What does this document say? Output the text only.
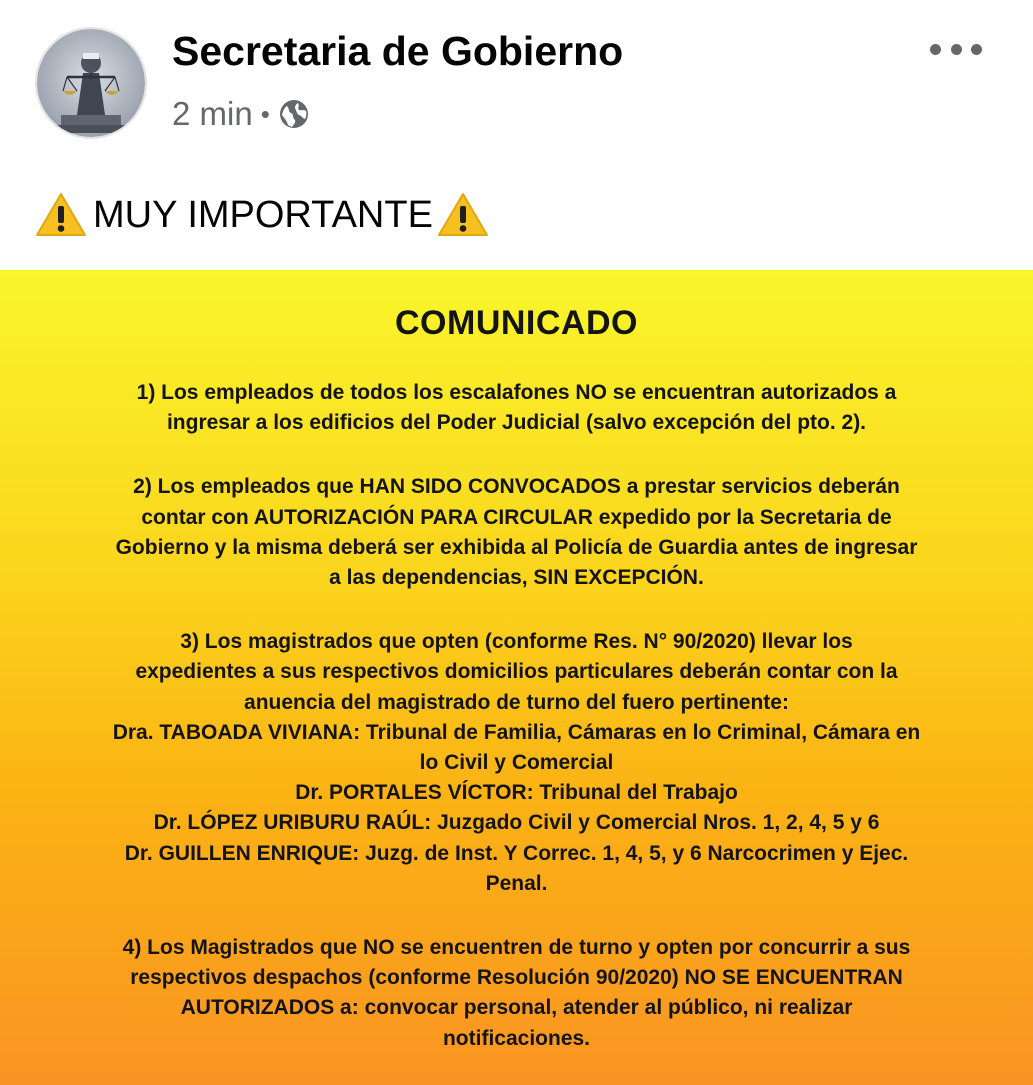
Secretaria de Gobierno
2 min •
MUY IMPORTANTE
COMUNICADO

1) Los empleados de todos los escalafones NO se encuentran autorizados a

ingresar a los edificios del Poder Judicial (salvo excepción del pto. 2).

2) Los empleados que HAN SIDO CONVOCADOS a prestar servicios deberán

contar con AUTORIZACIÓN PARA CIRCULAR expedido por la Secretaria de

Gobierno y la misma deberá ser exhibida al Policía de Guardia antes de ingresar

a las dependencias, SIN EXCEPCIÓN.

3) Los magistrados que opten (conforme Res. N° 90/2020) llevar los

expedientes a sus respectivos domicilios particulares deberán contar con la

anuencia del magistrado de turno del fuero pertinente:

Dra. TABOADA VIVIANA: Tribunal de Familia, Cámaras en lo Criminal, Cámara en

lo Civil y Comercial

Dr. PORTALES VÍCTOR: Tribunal del Trabajo

Dr. LÓPEZ URIBURU RAÚL: Juzgado Civil y Comercial Nros. 1, 2, 4, 5 y 6

Dr. GUILLEN ENRIQUE: Juzg. de Inst. Y Correc. 1, 4, 5, y 6 Narcocrimen y Ejec.

Penal.

4) Los Magistrados que NO se encuentren de turno y opten por concurrir a sus

respectivos despachos (conforme Resolución 90/2020) NO SE ENCUENTRAN

AUTORIZADOS a: convocar personal, atender al público, ni realizar

notificaciones.
